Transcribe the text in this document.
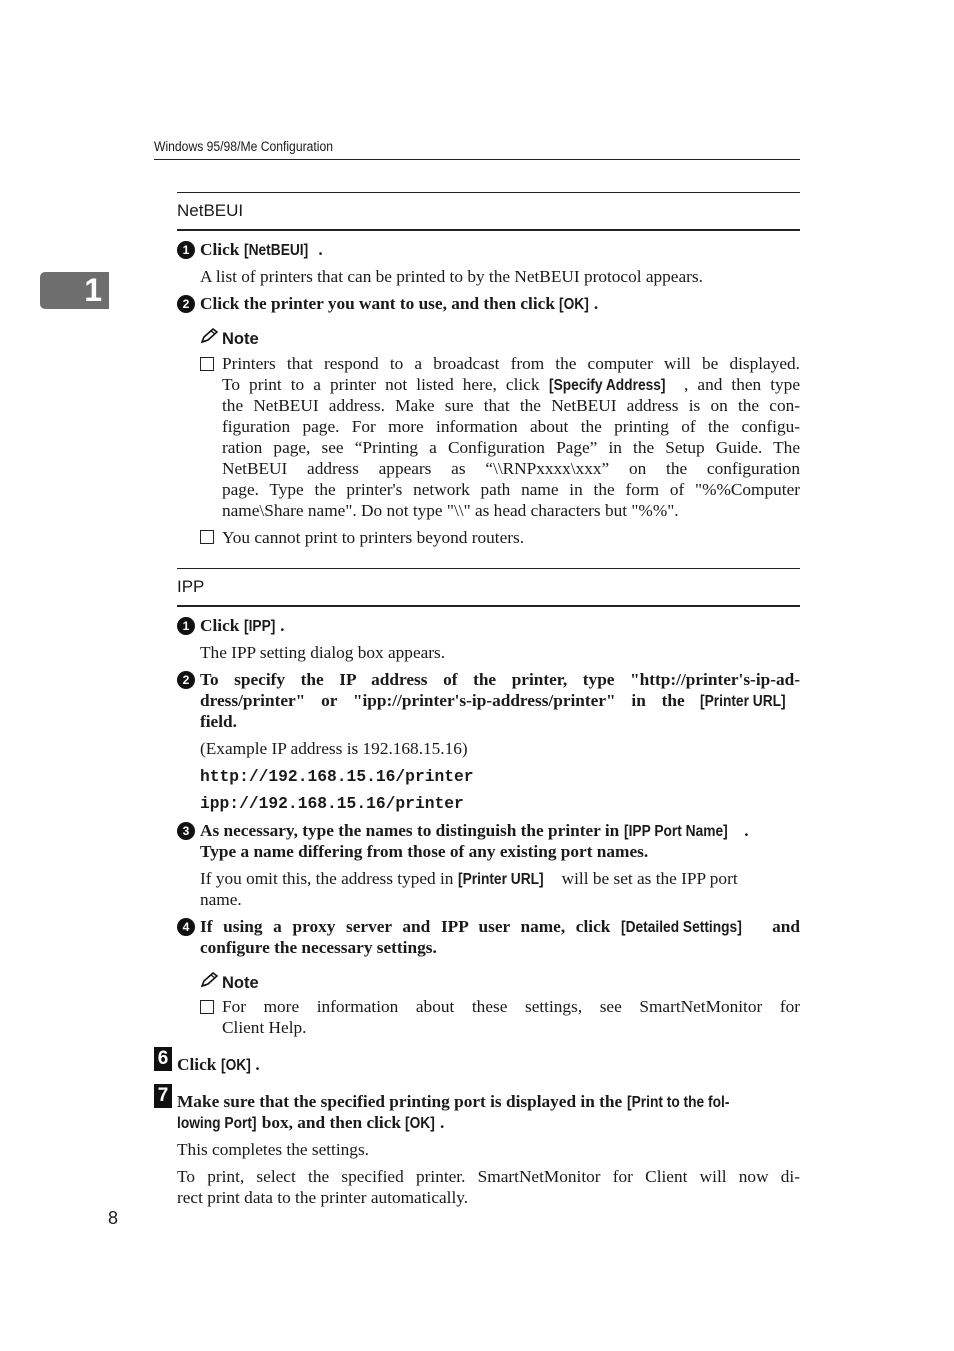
Windows 95/98/Me Configuration
1
NetBEUI
1 Click [NetBEUI] .
A list of printers that can be printed to by the NetBEUI protocol appears.
2 Click the printer you want to use, and then click [OK] .
Note
Printers that respond to a broadcast from the computer will be displayed.
To print to a printer not listed here, click [Specify Address] , and then type
the NetBEUI address. Make sure that the NetBEUI address is on the con-
figuration page. For more information about the printing of the configu-
ration page, see “Printing a Configuration Page” in the Setup Guide. The
NetBEUI address appears as “\\RNPxxxx\xxx” on the configuration
page. Type the printer's network path name in the form of "%%Computer
name\Share name". Do not type "\\" as head characters but "%%".
You cannot print to printers beyond routers.
IPP
1 Click [IPP] .
The IPP setting dialog box appears.
2 To specify the IP address of the printer, type "http://printer's-ip-ad-
dress/printer" or "ipp://printer's-ip-address/printer" in the [Printer URL]
field.
(Example IP address is 192.168.15.16)
http://192.168.15.16/printer
ipp://192.168.15.16/printer
3 As necessary, type the names to distinguish the printer in [IPP Port Name] .
Type a name differing from those of any existing port names.
If you omit this, the address typed in [Printer URL] will be set as the IPP port
name.
4 If using a proxy server and IPP user name, click [Detailed Settings] and
configure the necessary settings.
Note
For more information about these settings, see SmartNetMonitor for
Client Help.
6 Click [OK] .
7 Make sure that the specified printing port is displayed in the [Print to the fol-
lowing Port] box, and then click [OK] .
This completes the settings.
To print, select the specified printer. SmartNetMonitor for Client will now di-
rect print data to the printer automatically.
8
